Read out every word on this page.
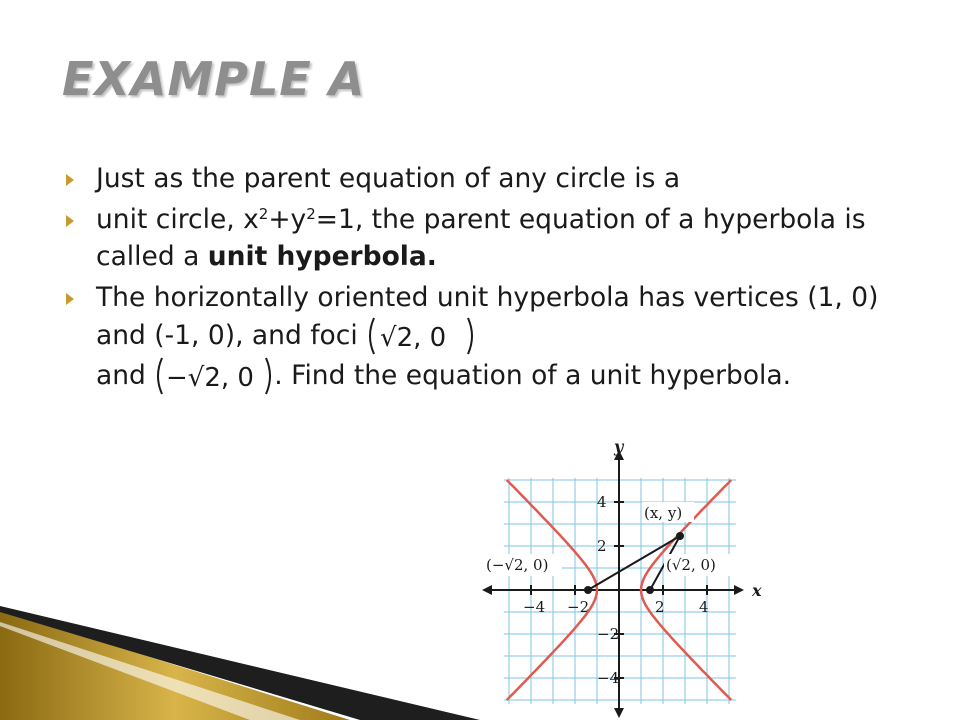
EXAMPLE A
Just as the parent equation of any circle is a
unit circle, $x^2+y^2=1$, the parent equation of a hyperbola is called a unit hyperbola.
The horizontally oriented unit hyperbola has vertices (1, 0) and (-1, 0), and foci √2, 0

and −√2, 0 . Find the equation of a unit hyperbola.
−4 −2	2 4
4
2
−2
−4
y
x
(x, y)
(−√2, 0)	(√2, 0)
